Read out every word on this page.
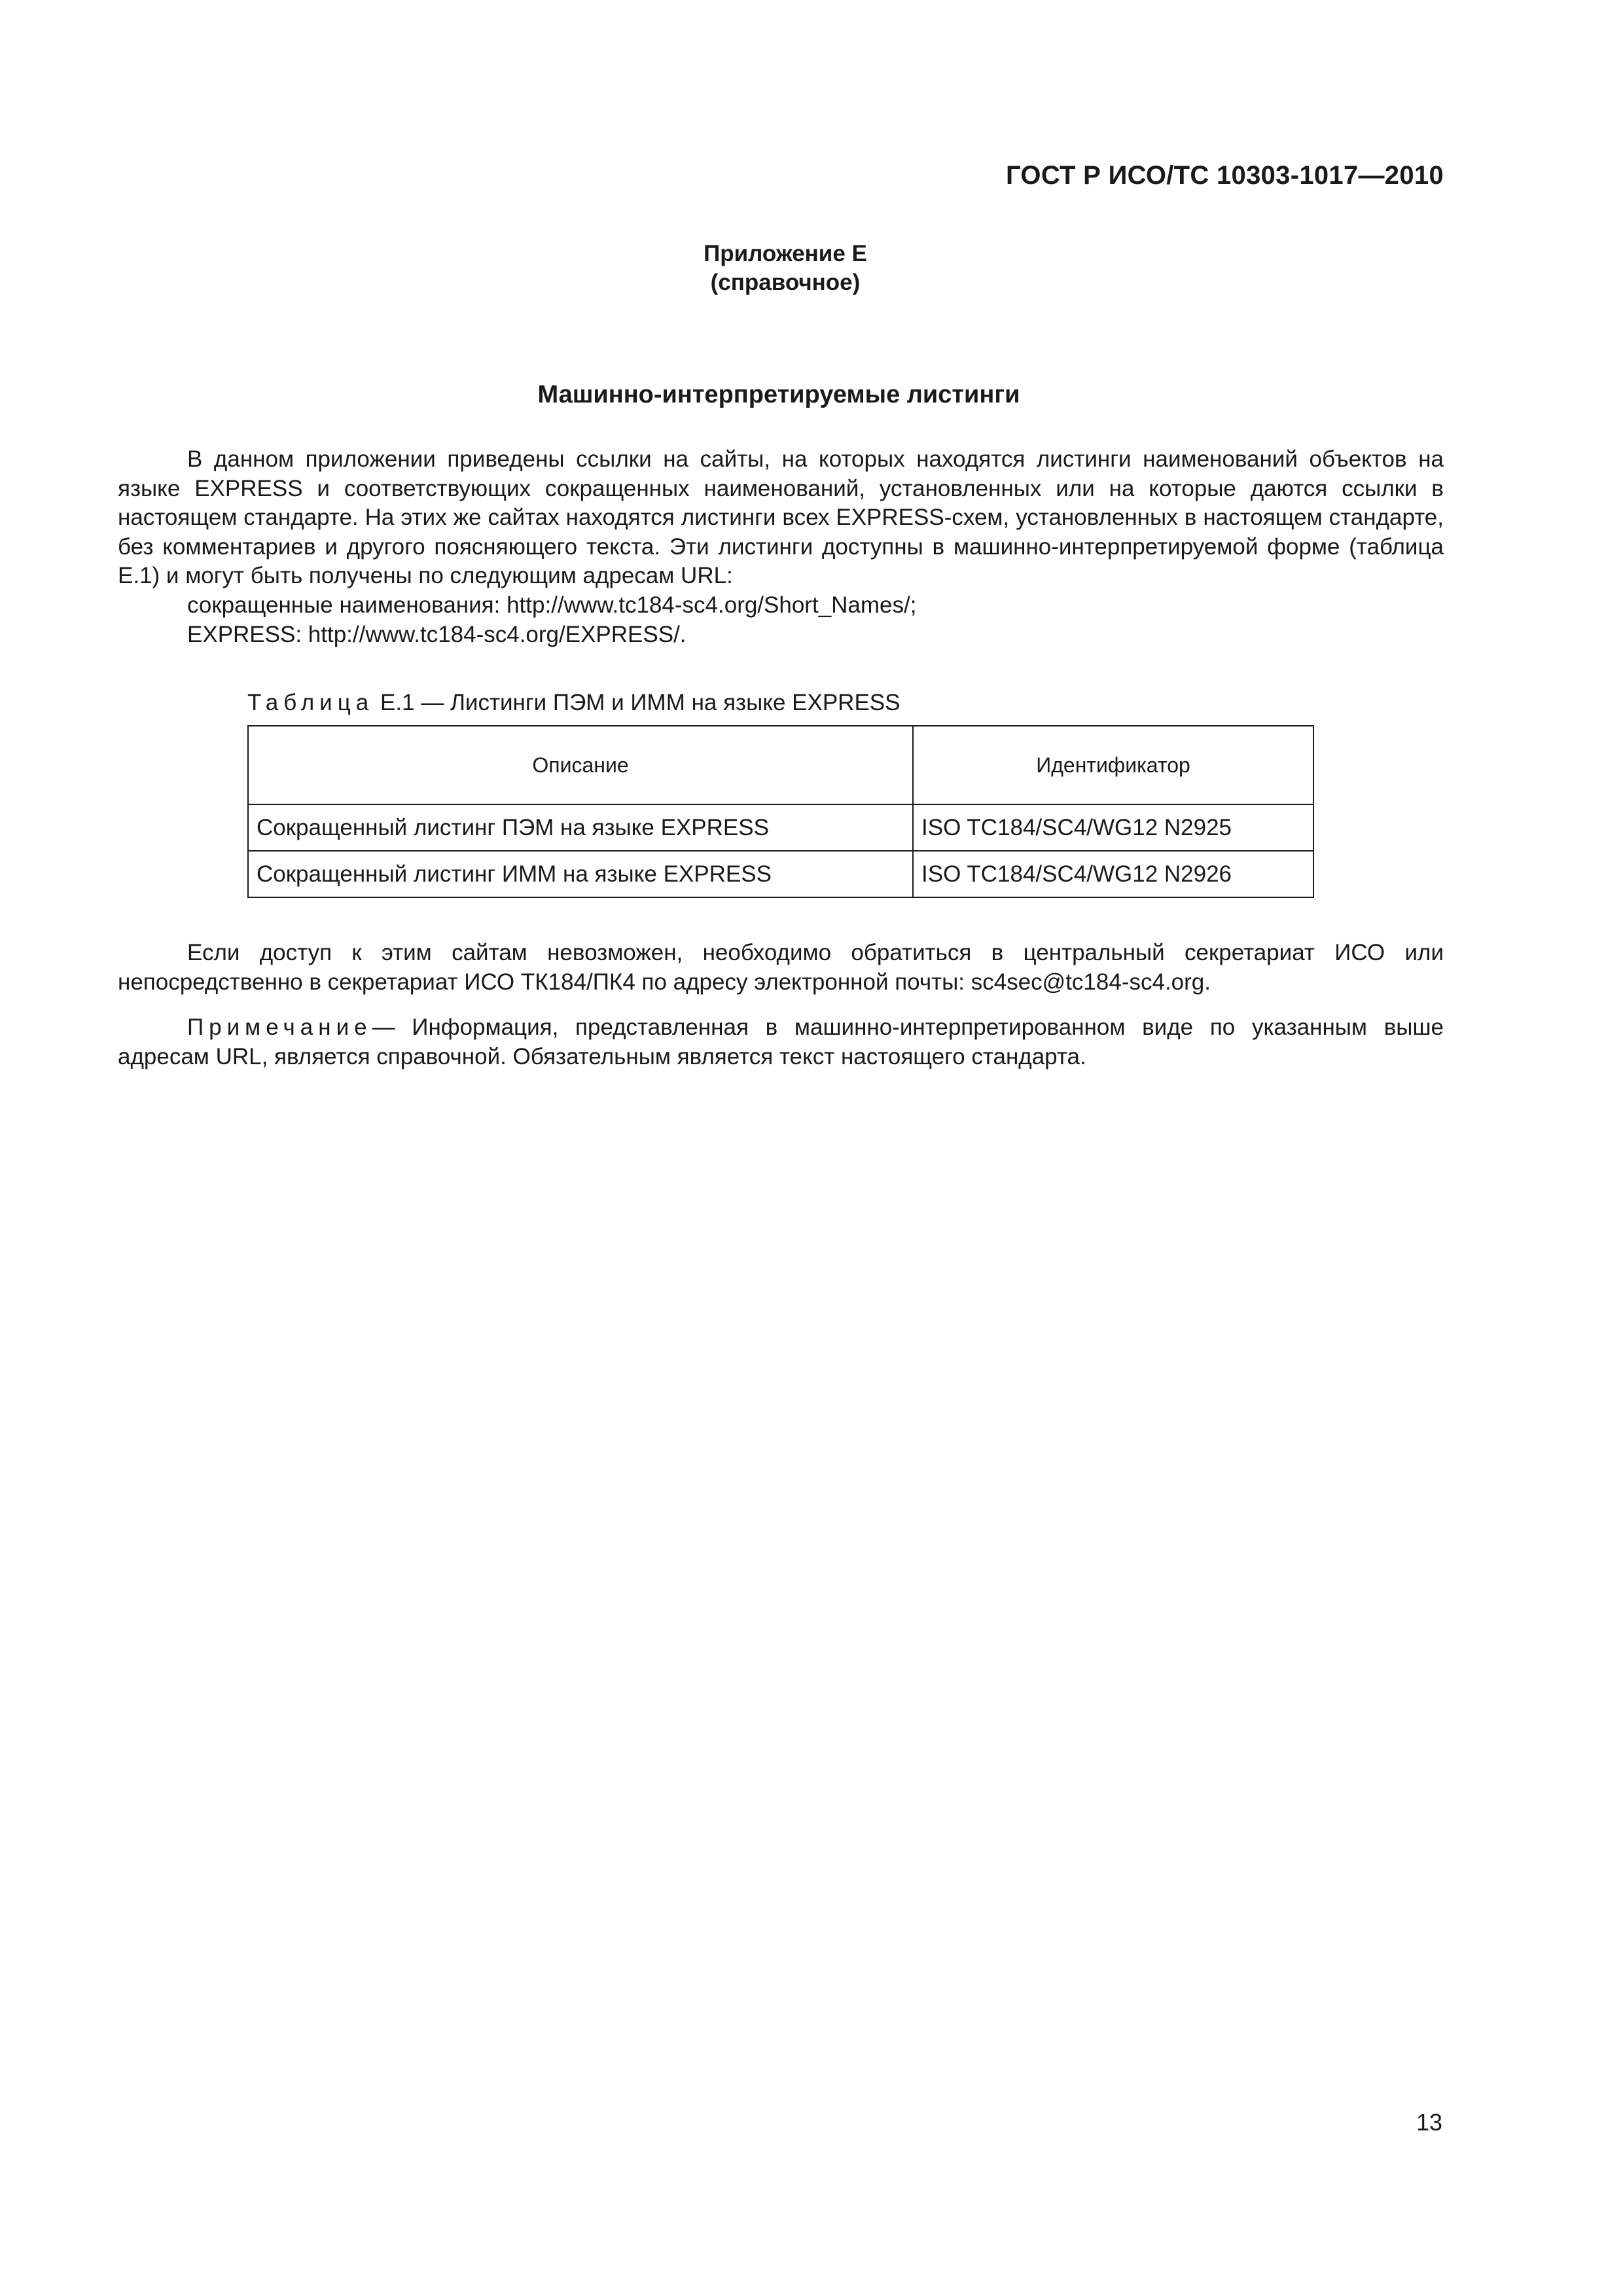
ГОСТ Р ИСО/ТС 10303-1017—2010
Приложение E
(справочное)
Машинно-интерпретируемые листинги
В данном приложении приведены ссылки на сайты, на которых находятся листинги наименований объектов на языке EXPRESS и соответствующих сокращенных наименований, установленных или на которые даются ссылки в настоящем стандарте. На этих же сайтах находятся листинги всех EXPRESS-схем, установленных в настоящем стандарте, без комментариев и другого поясняющего текста. Эти листинги доступны в машинно-интерпретируемой форме (таблица E.1) и могут быть получены по следующим адресам URL:
сокращенные наименования: http://www.tc184-sc4.org/Short_Names/;
EXPRESS: http://www.tc184-sc4.org/EXPRESS/.
Таблица E.1 — Листинги ПЭМ и ИММ на языке EXPRESS
Описание	Идентификатор
Сокращенный листинг ПЭМ на языке EXPRESS	ISO TC184/SC4/WG12 N2925
Сокращенный листинг ИММ на языке EXPRESS	ISO TC184/SC4/WG12 N2926
Если доступ к этим сайтам невозможен, необходимо обратиться в центральный секретариат ИСО или непосредственно в секретариат ИСО ТК184/ПК4 по адресу электронной почты: sc4sec@tc184-sc4.org.
Примечание— Информация, представленная в машинно-интерпретированном виде по указанным выше адресам URL, является справочной. Обязательным является текст настоящего стандарта.
13
